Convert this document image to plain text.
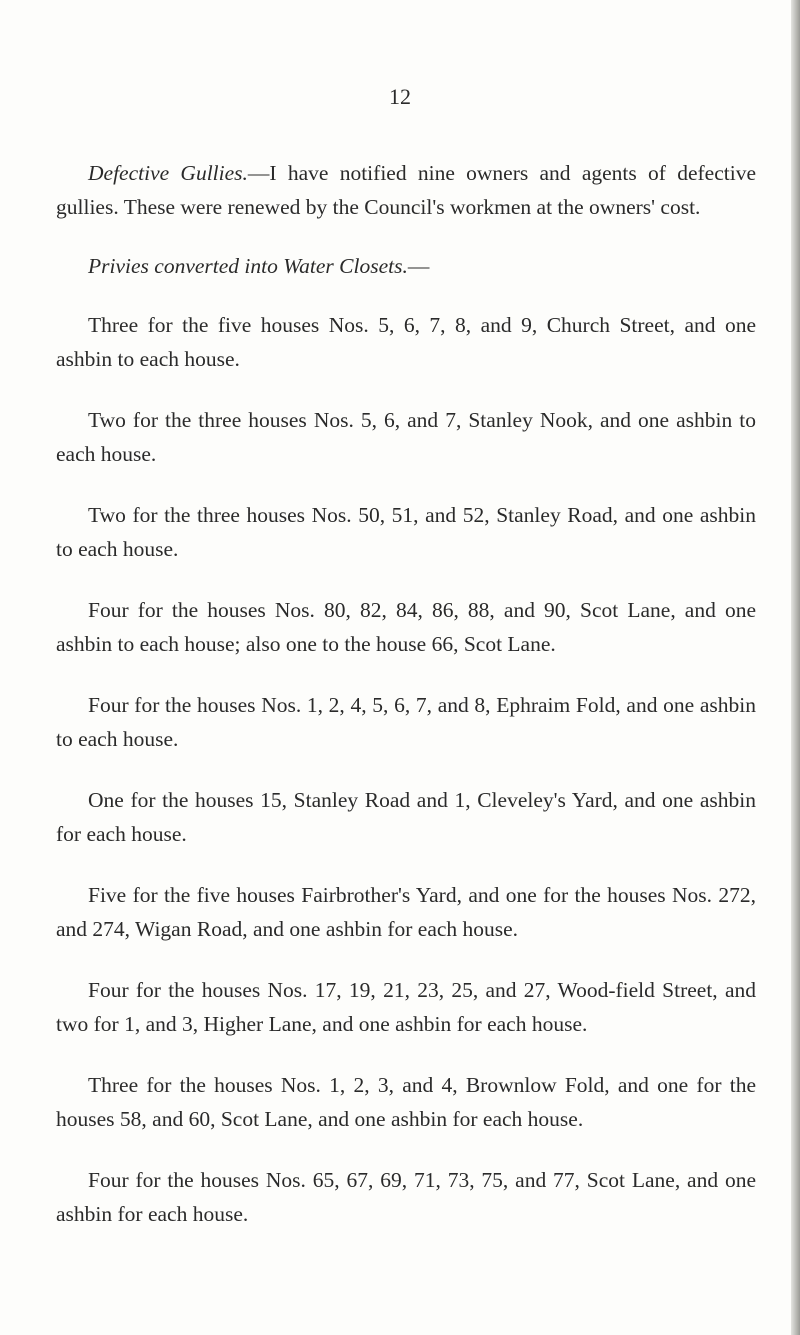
12

Defective Gullies.—I have notified nine owners and agents of defective gullies. These were renewed by the Council's workmen at the owners' cost.

Privies converted into Water Closets.—

Three for the five houses Nos. 5, 6, 7, 8, and 9, Church Street, and one ashbin to each house.

Two for the three houses Nos. 5, 6, and 7, Stanley Nook, and one ashbin to each house.

Two for the three houses Nos. 50, 51, and 52, Stanley Road, and one ashbin to each house.

Four for the houses Nos. 80, 82, 84, 86, 88, and 90, Scot Lane, and one ashbin to each house; also one to the house 66, Scot Lane.

Four for the houses Nos. 1, 2, 4, 5, 6, 7, and 8, Ephraim Fold, and one ashbin to each house.

One for the houses 15, Stanley Road and 1, Cleveley's Yard, and one ashbin for each house.

Five for the five houses Fairbrother's Yard, and one for the houses Nos. 272, and 274, Wigan Road, and one ashbin for each house.

Four for the houses Nos. 17, 19, 21, 23, 25, and 27, Wood-field Street, and two for 1, and 3, Higher Lane, and one ashbin for each house.

Three for the houses Nos. 1, 2, 3, and 4, Brownlow Fold, and one for the houses 58, and 60, Scot Lane, and one ashbin for each house.

Four for the houses Nos. 65, 67, 69, 71, 73, 75, and 77, Scot Lane, and one ashbin for each house.
